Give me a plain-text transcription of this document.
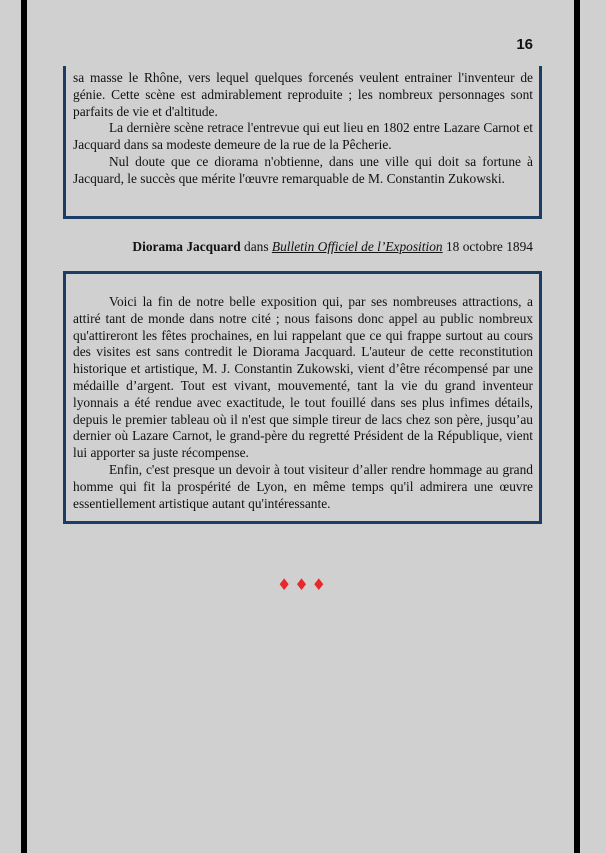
16

sa masse le Rhône, vers lequel quelques forcenés veulent entrainer l'inventeur de génie. Cette scène est admirablement reproduite ; les nombreux personnages sont parfaits de vie et d'altitude.

La dernière scène retrace l'entrevue qui eut lieu en 1802 entre Lazare Carnot et Jacquard dans sa modeste demeure de la rue de la Pêcherie.

Nul doute que ce diorama n'obtienne, dans une ville qui doit sa fortune à Jacquard, le succès que mérite l'œuvre remarquable de M. Constantin Zukowski.

Diorama Jacquard dans Bulletin Officiel de l’Exposition 18 octobre 1894

Voici la fin de notre belle exposition qui, par ses nombreuses attractions, a attiré tant de monde dans notre cité ; nous faisons donc appel au public nombreux qu'attireront les fêtes prochaines, en lui rappelant que ce qui frappe surtout au cours des visites est sans contredit le Diorama Jacquard. L'auteur de cette reconstitution historique et artistique, M. J. Constantin Zukowski, vient d’être récompensé par une médaille d’argent. Tout est vivant, mouvementé, tant la vie du grand inventeur lyonnais a été rendue avec exactitude, le tout fouillé dans ses plus infimes détails, depuis le premier tableau où il n'est que simple tireur de lacs chez son père, jusqu’au dernier où Lazare Carnot, le grand-père du regretté Président de la République, vient lui apporter sa juste récompense.

Enfin, c'est presque un devoir à tout visiteur d’aller rendre hommage au grand homme qui fit la prospérité de Lyon, en même temps qu'il admirera une œuvre essentiellement artistique autant qu'intéressante.

♦♦♦
